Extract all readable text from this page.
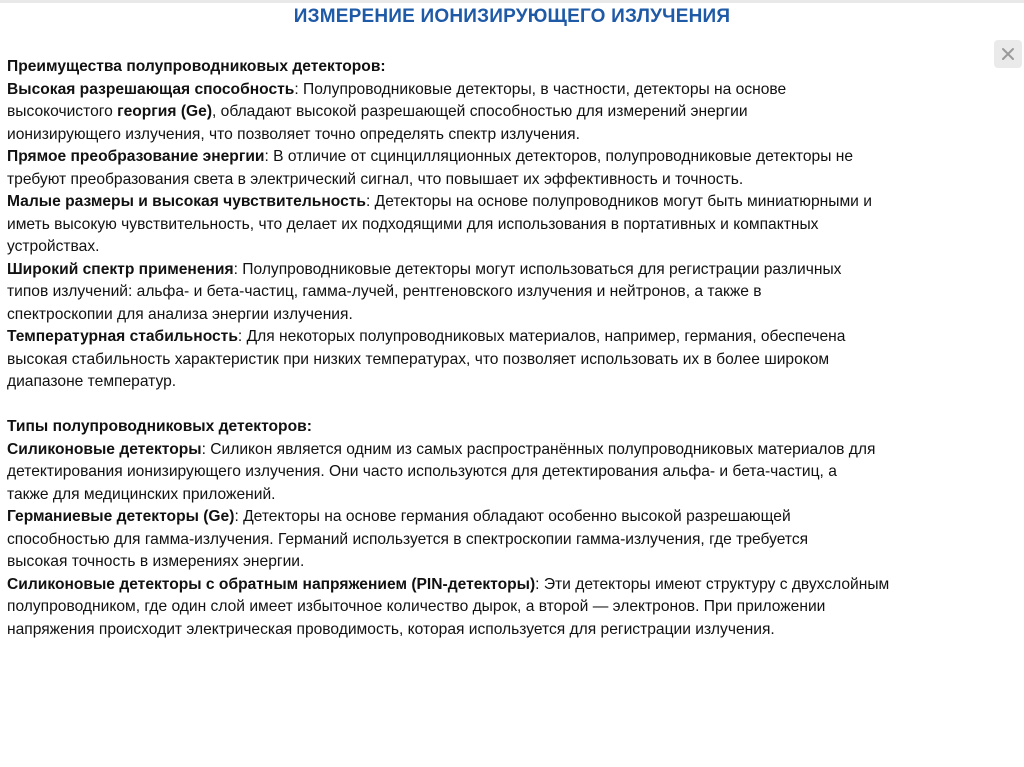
ИЗМЕРЕНИЕ ИОНИЗИРУЮЩЕГО ИЗЛУЧЕНИЯ
Преимущества полупроводниковых детекторов:
Высокая разрешающая способность: Полупроводниковые детекторы, в частности, детекторы на основе
высокочистого георгия (Ge), обладают высокой разрешающей способностью для измерений энергии
ионизирующего излучения, что позволяет точно определять спектр излучения.
Прямое преобразование энергии: В отличие от сцинцилляционных детекторов, полупроводниковые детекторы не
требуют преобразования света в электрический сигнал, что повышает их эффективность и точность.
Малые размеры и высокая чувствительность: Детекторы на основе полупроводников могут быть миниатюрными и
иметь высокую чувствительность, что делает их подходящими для использования в портативных и компактных
устройствах.
Широкий спектр применения: Полупроводниковые детекторы могут использоваться для регистрации различных
типов излучений: альфа- и бета-частиц, гамма-лучей, рентгеновского излучения и нейтронов, а также в
спектроскопии для анализа энергии излучения.
Температурная стабильность: Для некоторых полупроводниковых материалов, например, германия, обеспечена
высокая стабильность характеристик при низких температурах, что позволяет использовать их в более широком
диапазоне температур.
Типы полупроводниковых детекторов:
Силиконовые детекторы: Силикон является одним из самых распространённых полупроводниковых материалов для
детектирования ионизирующего излучения. Они часто используются для детектирования альфа- и бета-частиц, а
также для медицинских приложений.
Германиевые детекторы (Ge): Детекторы на основе германия обладают особенно высокой разрешающей
способностью для гамма-излучения. Германий используется в спектроскопии гамма-излучения, где требуется
высокая точность в измерениях энергии.
Силиконовые детекторы с обратным напряжением (PIN-детекторы): Эти детекторы имеют структуру с двухслойным
полупроводником, где один слой имеет избыточное количество дырок, а второй — электронов. При приложении
напряжения происходит электрическая проводимость, которая используется для регистрации излучения.
